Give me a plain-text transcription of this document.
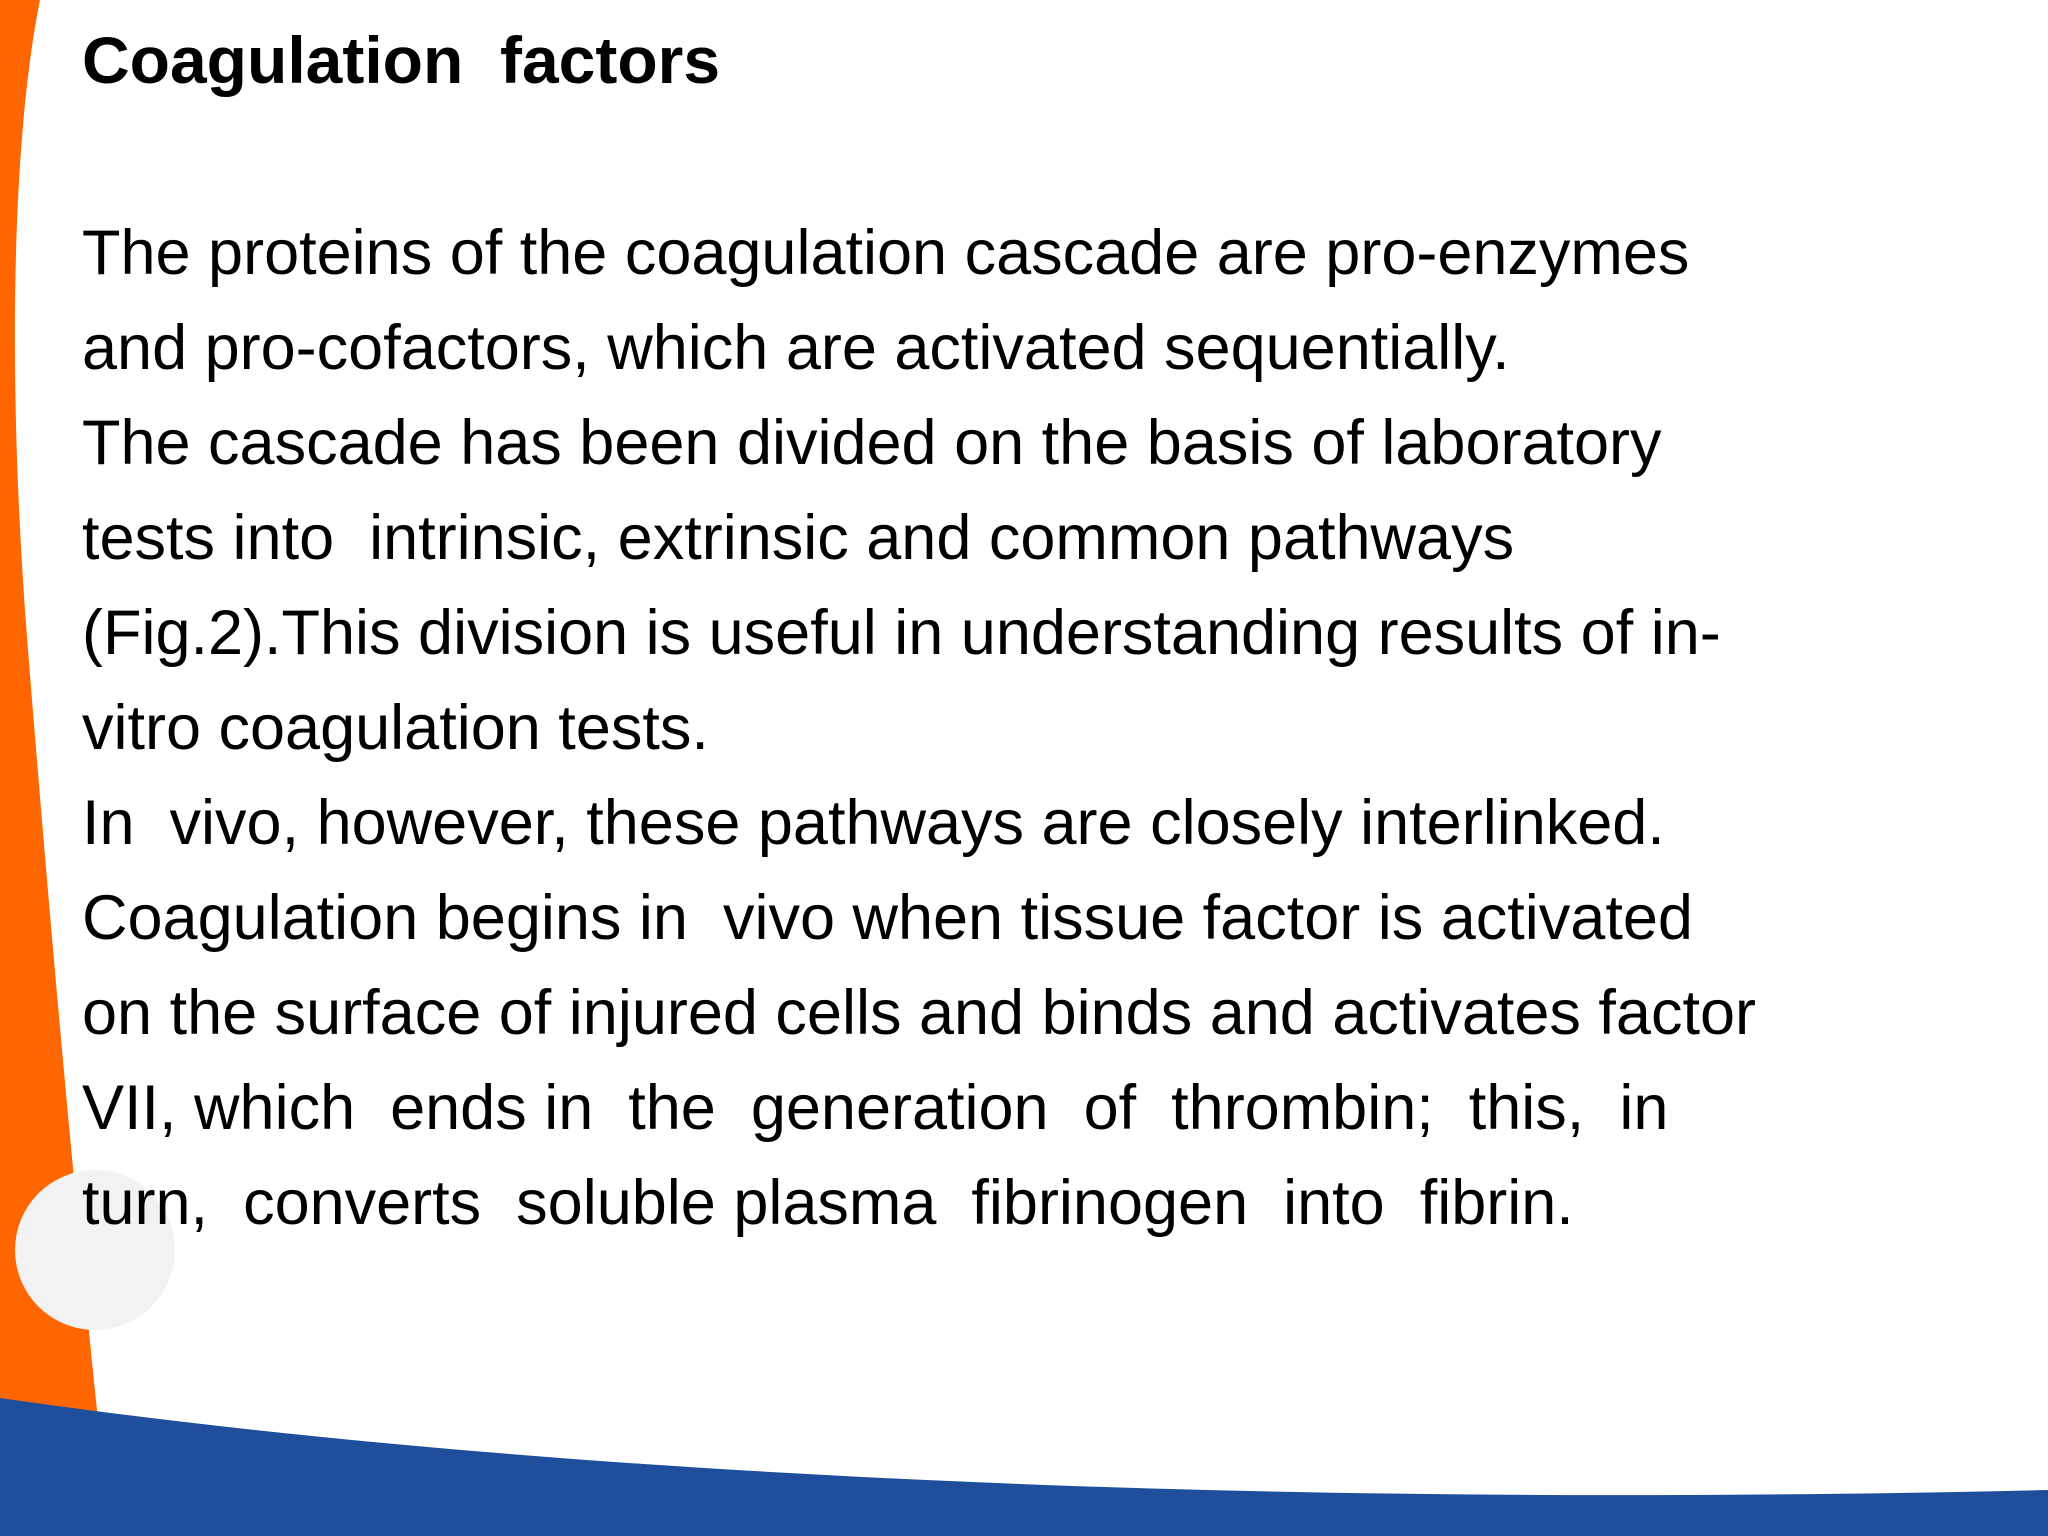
Coagulation  factors
The proteins of the coagulation cascade are pro-enzymes
and pro-cofactors, which are activated sequentially.
The cascade has been divided on the basis of laboratory
tests into  intrinsic, extrinsic and common pathways
(Fig.2).This division is useful in understanding results of in-
vitro coagulation tests.
In  vivo, however, these pathways are closely interlinked.
Coagulation begins in  vivo when tissue factor is activated
on the surface of injured cells and binds and activates factor
VII, which  ends in  the  generation  of  thrombin;  this,  in
turn,  converts  soluble plasma  fibrinogen  into  fibrin.
